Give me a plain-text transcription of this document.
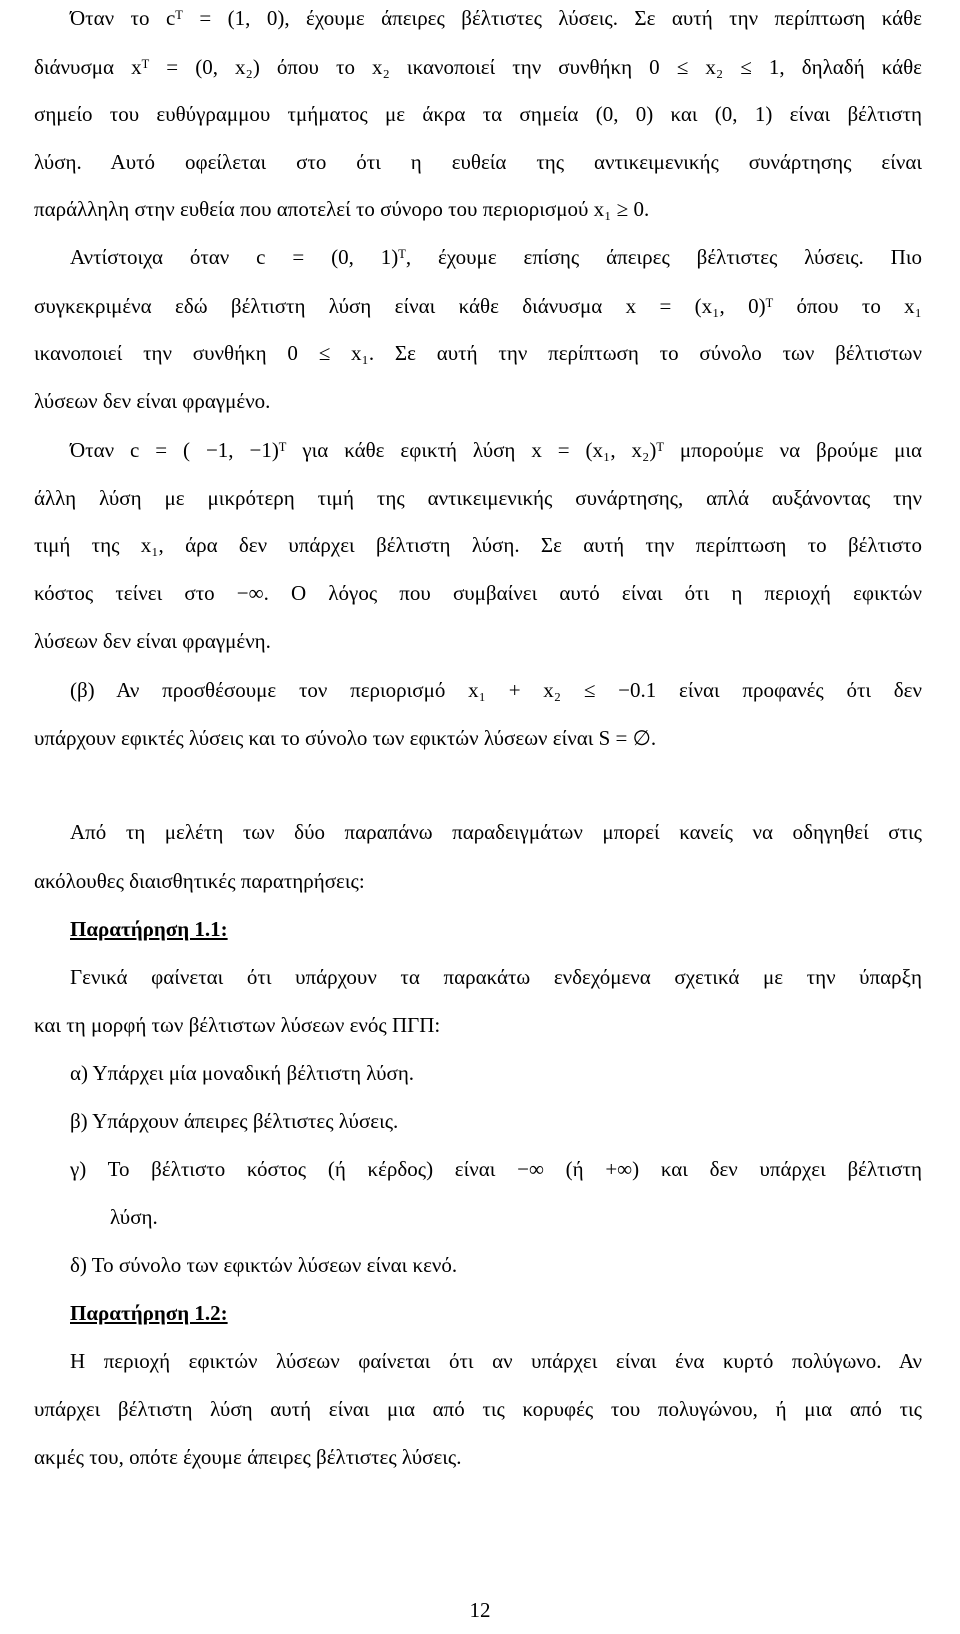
Όταν το cᵀ = (1, 0), έχουμε άπειρες βέλτιστες λύσεις. Σε αυτή την περίπτωση κάθε
διάνυσμα xᵀ = (0, x₂) όπου το x₂ ικανοποιεί την συνθήκη 0 ≤ x₂ ≤ 1, δηλαδή κάθε
σημείο του ευθύγραμμου τμήματος με άκρα τα σημεία (0, 0) και (0, 1) είναι βέλτιστη
λύση. Αυτό οφείλεται στο ότι η ευθεία της αντικειμενικής συνάρτησης είναι
παράλληλη στην ευθεία που αποτελεί το σύνορο του περιορισμού x₁ ≥ 0.
Αντίστοιχα όταν c = (0, 1)ᵀ, έχουμε επίσης άπειρες βέλτιστες λύσεις. Πιο
συγκεκριμένα εδώ βέλτιστη λύση είναι κάθε διάνυσμα x = (x₁, 0)ᵀ όπου το x₁
ικανοποιεί την συνθήκη 0 ≤ x₁. Σε αυτή την περίπτωση το σύνολο των βέλτιστων
λύσεων δεν είναι φραγμένο.
Όταν c = ( −1, −1)ᵀ για κάθε εφικτή λύση x = (x₁, x₂)ᵀ μπορούμε να βρούμε μια
άλλη λύση με μικρότερη τιμή της αντικειμενικής συνάρτησης, απλά αυξάνοντας την
τιμή της x₁, άρα δεν υπάρχει βέλτιστη λύση. Σε αυτή την περίπτωση το βέλτιστο
κόστος τείνει στο −∞. Ο λόγος που συμβαίνει αυτό είναι ότι η περιοχή εφικτών
λύσεων δεν είναι φραγμένη.
(β) Αν προσθέσουμε τον περιορισμό x₁ + x₂ ≤ −0.1 είναι προφανές ότι δεν
υπάρχουν εφικτές λύσεις και το σύνολο των εφικτών λύσεων είναι S = ∅.
Από τη μελέτη των δύο παραπάνω παραδειγμάτων μπορεί κανείς να οδηγηθεί στις
ακόλουθες διαισθητικές παρατηρήσεις:
Παρατήρηση 1.1:
Γενικά φαίνεται ότι υπάρχουν τα παρακάτω ενδεχόμενα σχετικά με την ύπαρξη
και τη μορφή των βέλτιστων λύσεων ενός ΠΓΠ:
α) Υπάρχει μία μοναδική βέλτιστη λύση.
β) Υπάρχουν άπειρες βέλτιστες λύσεις.
γ) Το βέλτιστο κόστος (ή κέρδος) είναι −∞ (ή +∞) και δεν υπάρχει βέλτιστη
λύση.
δ) Το σύνολο των εφικτών λύσεων είναι κενό.
Παρατήρηση 1.2:
Η περιοχή εφικτών λύσεων φαίνεται ότι αν υπάρχει είναι ένα κυρτό πολύγωνο. Αν
υπάρχει βέλτιστη λύση αυτή είναι μια από τις κορυφές του πολυγώνου, ή μια από τις
ακμές του, οπότε έχουμε άπειρες βέλτιστες λύσεις.
12
